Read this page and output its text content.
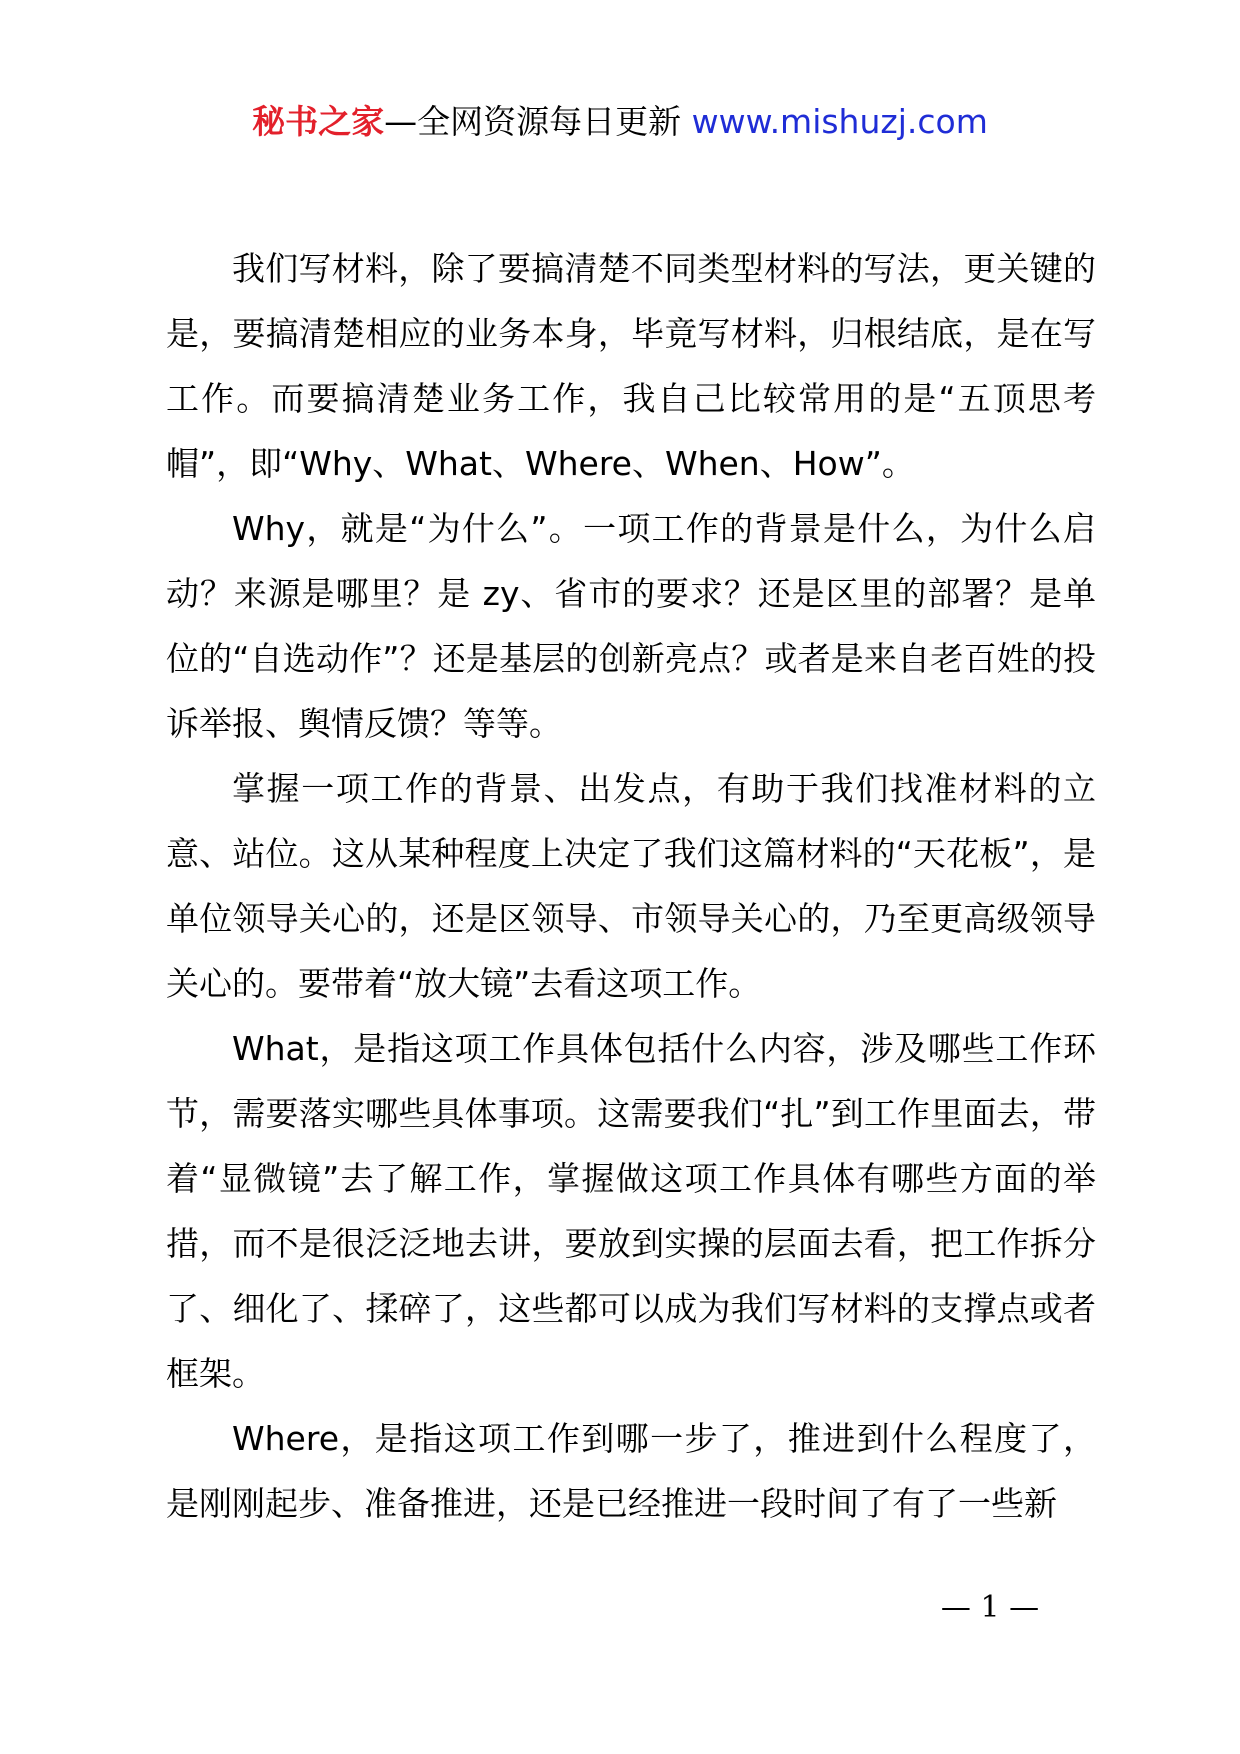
秘书之家—全网资源每日更新 www.mishuzj.com

我们写材料，除了要搞清楚不同类型材料的写法，更关键的是，要搞清楚相应的业务本身，毕竟写材料，归根结底，是在写工作。而要搞清楚业务工作，我自己比较常用的是“五顶思考帽”，即“Why、What、Where、When、How”。

Why，就是“为什么”。一项工作的背景是什么，为什么启动？来源是哪里？是 zy、省市的要求？还是区里的部署？是单位的“自选动作”？还是基层的创新亮点？或者是来自老百姓的投诉举报、舆情反馈？等等。

掌握一项工作的背景、出发点，有助于我们找准材料的立意、站位。这从某种程度上决定了我们这篇材料的“天花板”，是单位领导关心的，还是区领导、市领导关心的，乃至更高级领导关心的。要带着“放大镜”去看这项工作。

What，是指这项工作具体包括什么内容，涉及哪些工作环节，需要落实哪些具体事项。这需要我们“扎”到工作里面去，带着“显微镜”去了解工作，掌握做这项工作具体有哪些方面的举措，而不是很泛泛地去讲，要放到实操的层面去看，把工作拆分了、细化了、揉碎了，这些都可以成为我们写材料的支撑点或者框架。

Where，是指这项工作到哪一步了，推进到什么程度了，是刚刚起步、准备推进，还是已经推进一段时间了有了一些新

— 1 —
